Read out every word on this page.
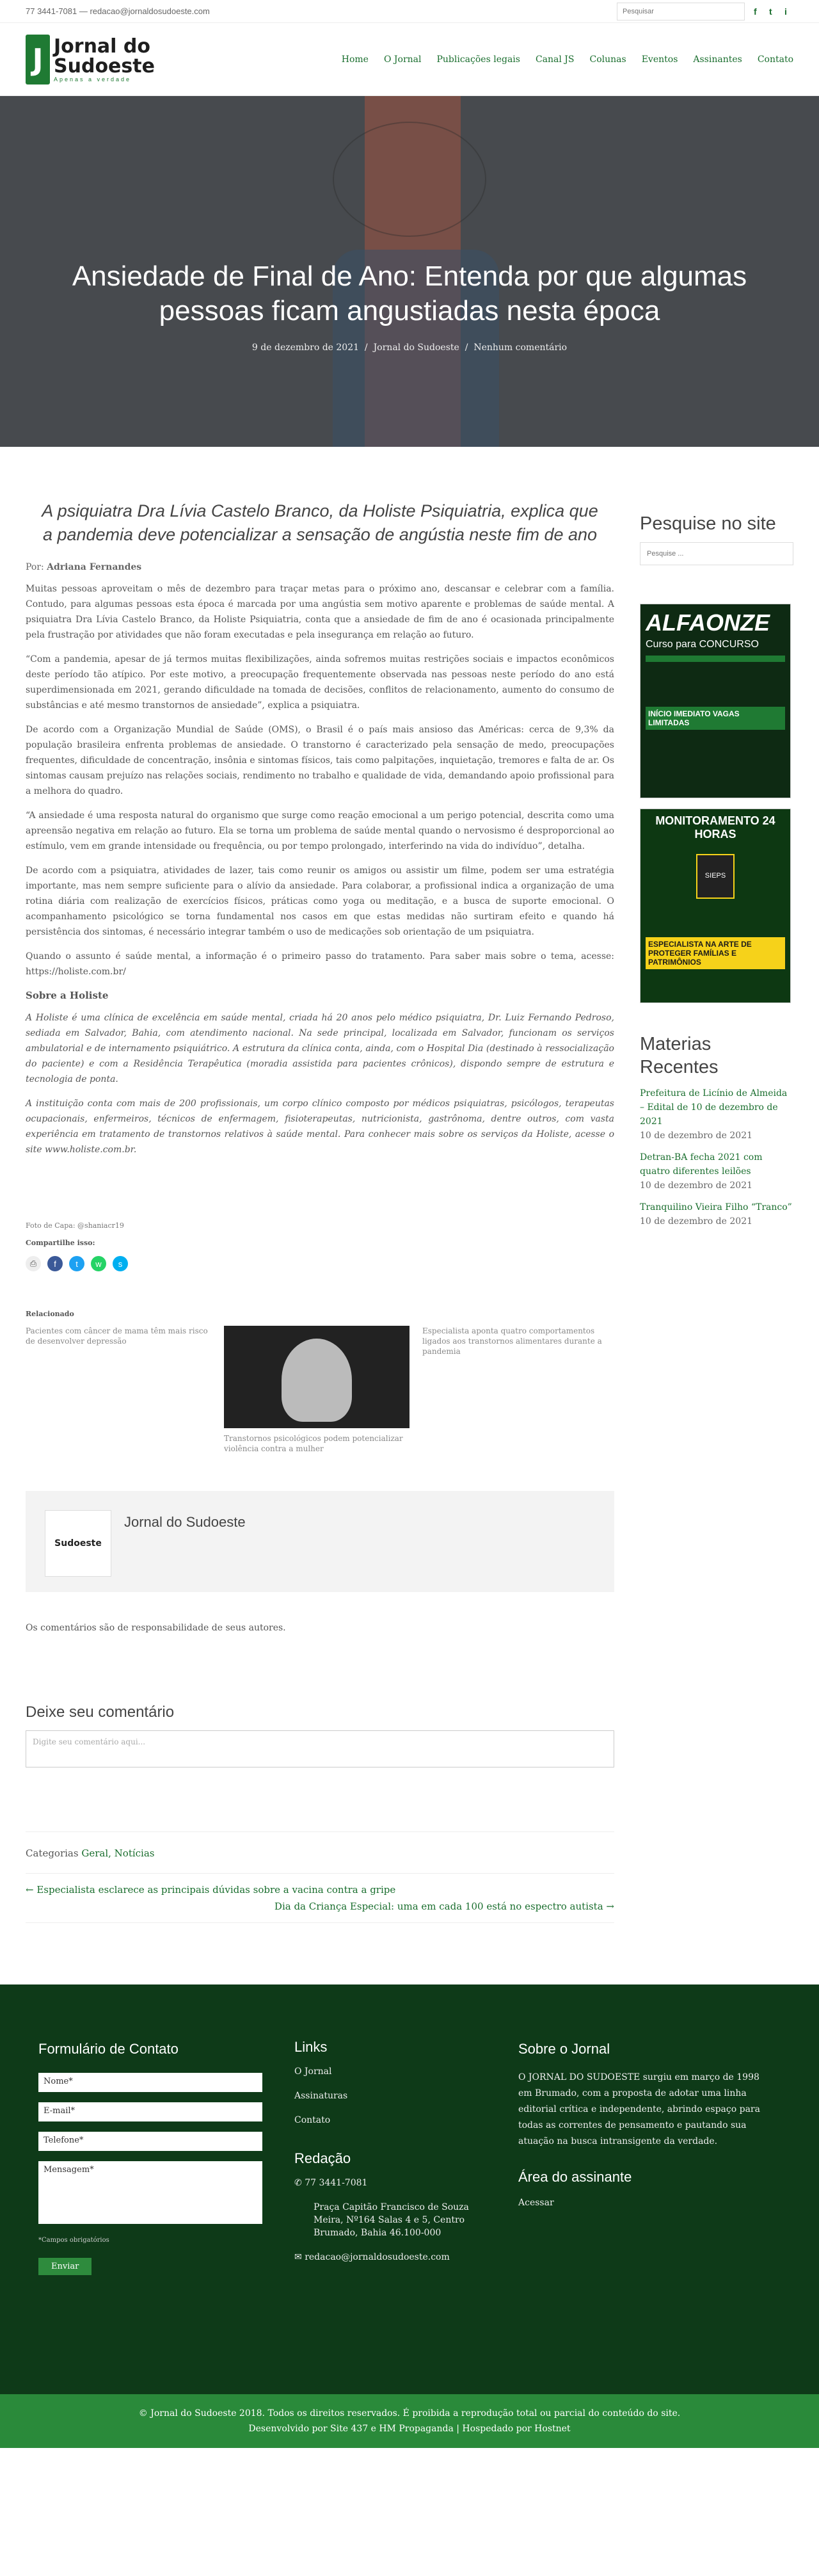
77 3441-7081 — redacao@jornaldosudoeste.com
Pesquisar	f	t	i
J Jornal do
Sudoeste
Apenas a verdade
Home O Jornal Publicações legais Canal JS Colunas Eventos Assinantes Contato
Ansiedade de Final de Ano: Entenda por que algumas pessoas ficam angustiadas nesta época
9 de dezembro de 2021  /  Jornal do Sudoeste  /  Nenhum comentário
A psiquiatra Dra Lívia Castelo Branco, da Holiste Psiquiatria, explica que a pandemia deve potencializar a sensação de angústia neste fim de ano
Por: Adriana Fernandes

Muitas pessoas aproveitam o mês de dezembro para traçar metas para o próximo ano, descansar e celebrar com a família. Contudo, para algumas pessoas esta época é marcada por uma angústia sem motivo aparente e problemas de saúde mental. A psiquiatra Dra Lívia Castelo Branco, da Holiste Psiquiatria, conta que a ansiedade de fim de ano é ocasionada principalmente pela frustração por atividades que não foram executadas e pela insegurança em relação ao futuro.

“Com a pandemia, apesar de já termos muitas flexibilizações, ainda sofremos muitas restrições sociais e impactos econômicos deste período tão atípico. Por este motivo, a preocupação frequentemente observada nas pessoas neste período do ano está superdimensionada em 2021, gerando dificuldade na tomada de decisões, conflitos de relacionamento, aumento do consumo de substâncias e até mesmo transtornos de ansiedade”, explica a psiquiatra.

De acordo com a Organização Mundial de Saúde (OMS), o Brasil é o país mais ansioso das Américas: cerca de 9,3% da população brasileira enfrenta problemas de ansiedade. O transtorno é caracterizado pela sensação de medo, preocupações frequentes, dificuldade de concentração, insônia e sintomas físicos, tais como palpitações, inquietação, tremores e falta de ar. Os sintomas causam prejuízo nas relações sociais, rendimento no trabalho e qualidade de vida, demandando apoio profissional para a melhora do quadro.

“A ansiedade é uma resposta natural do organismo que surge como reação emocional a um perigo potencial, descrita como uma apreensão negativa em relação ao futuro. Ela se torna um problema de saúde mental quando o nervosismo é desproporcional ao estímulo, vem em grande intensidade ou frequência, ou por tempo prolongado, interferindo na vida do indivíduo”, detalha.

De acordo com a psiquiatra, atividades de lazer, tais como reunir os amigos ou assistir um filme, podem ser uma estratégia importante, mas nem sempre suficiente para o alívio da ansiedade. Para colaborar, a profissional indica a organização de uma rotina diária com realização de exercícios físicos, práticas como yoga ou meditação, e a busca de suporte emocional. O acompanhamento psicológico se torna fundamental nos casos em que estas medidas não surtiram efeito e quando há persistência dos sintomas, é necessário integrar também o uso de medicações sob orientação de um psiquiatra.

Quando o assunto é saúde mental, a informação é o primeiro passo do tratamento. Para saber mais sobre o tema, acesse: https://holiste.com.br/

Sobre a Holiste

A Holiste é uma clínica de excelência em saúde mental, criada há 20 anos pelo médico psiquiatra, Dr. Luiz Fernando Pedroso, sediada em Salvador, Bahia, com atendimento nacional. Na sede principal, localizada em Salvador, funcionam os serviços ambulatorial e de internamento psiquiátrico. A estrutura da clínica conta, ainda, com o Hospital Dia (destinado à ressocialização do paciente) e com a Residência Terapêutica (moradia assistida para pacientes crônicos), dispondo sempre de estrutura e tecnologia de ponta.

A instituição conta com mais de 200 profissionais, um corpo clínico composto por médicos psiquiatras, psicólogos, terapeutas ocupacionais, enfermeiros, técnicos de enfermagem, fisioterapeutas, nutricionista, gastrônoma, dentre outros, com vasta experiência em tratamento de transtornos relativos à saúde mental. Para conhecer mais sobre os serviços da Holiste, acesse o site www.holiste.com.br.

Foto de Capa: @shaniacr19
Compartilhe isso:
⎙	f	t	w	s
Relacionado
Pacientes com câncer de mama têm mais risco de desenvolver depressão
Transtornos psicológicos podem potencializar violência contra a mulher
Especialista aponta quatro comportamentos ligados aos transtornos alimentares durante a pandemia
Sudoeste
Jornal do Sudoeste
Os comentários são de responsabilidade de seus autores.
Deixe seu comentário
Digite seu comentário aqui...
Categorias Geral, Notícias
← Especialista esclarece as principais dúvidas sobre a vacina contra a gripe
Dia da Criança Especial: uma em cada 100 está no espectro autista →
Pesquise no site
Pesquise ...
ALFAONZE
Curso para CONCURSO
INÍCIO IMEDIATO VAGAS LIMITADAS
MONITORAMENTO 24 HORAS
SIEPS
ESPECIALISTA NA ARTE DE PROTEGER FAMÍLIAS E PATRIMÔNIOS
Materias Recentes

Prefeitura de Licínio de Almeida – Edital de 10 de dezembro de 2021
10 de dezembro de 2021

Detran-BA fecha 2021 com quatro diferentes leilões
10 de dezembro de 2021

Tranquilino Vieira Filho “Tranco”
10 de dezembro de 2021

Formulário de Contato
Nome*
E-mail*
Telefone*
Mensagem*
*Campos obrigatórios
Enviar
Links
O Jornal
Assinaturas
Contato
Redação
✆ 77 3441-7081
Praça Capitão Francisco de Souza Meira, Nº164 Salas 4 e 5, Centro Brumado, Bahia 46.100-000
✉ redacao@jornaldosudoeste.com
Sobre o Jornal

O JORNAL DO SUDOESTE surgiu em março de 1998 em Brumado, com a proposta de adotar uma linha editorial crítica e independente, abrindo espaço para todas as correntes de pensamento e pautando sua atuação na busca intransigente da verdade.

Área do assinante

Acessar

© Jornal do Sudoeste 2018. Todos os direitos reservados. É proibida a reprodução total ou parcial do conteúdo do site.
Desenvolvido por Site 437 e HM Propaganda | Hospedado por Hostnet
